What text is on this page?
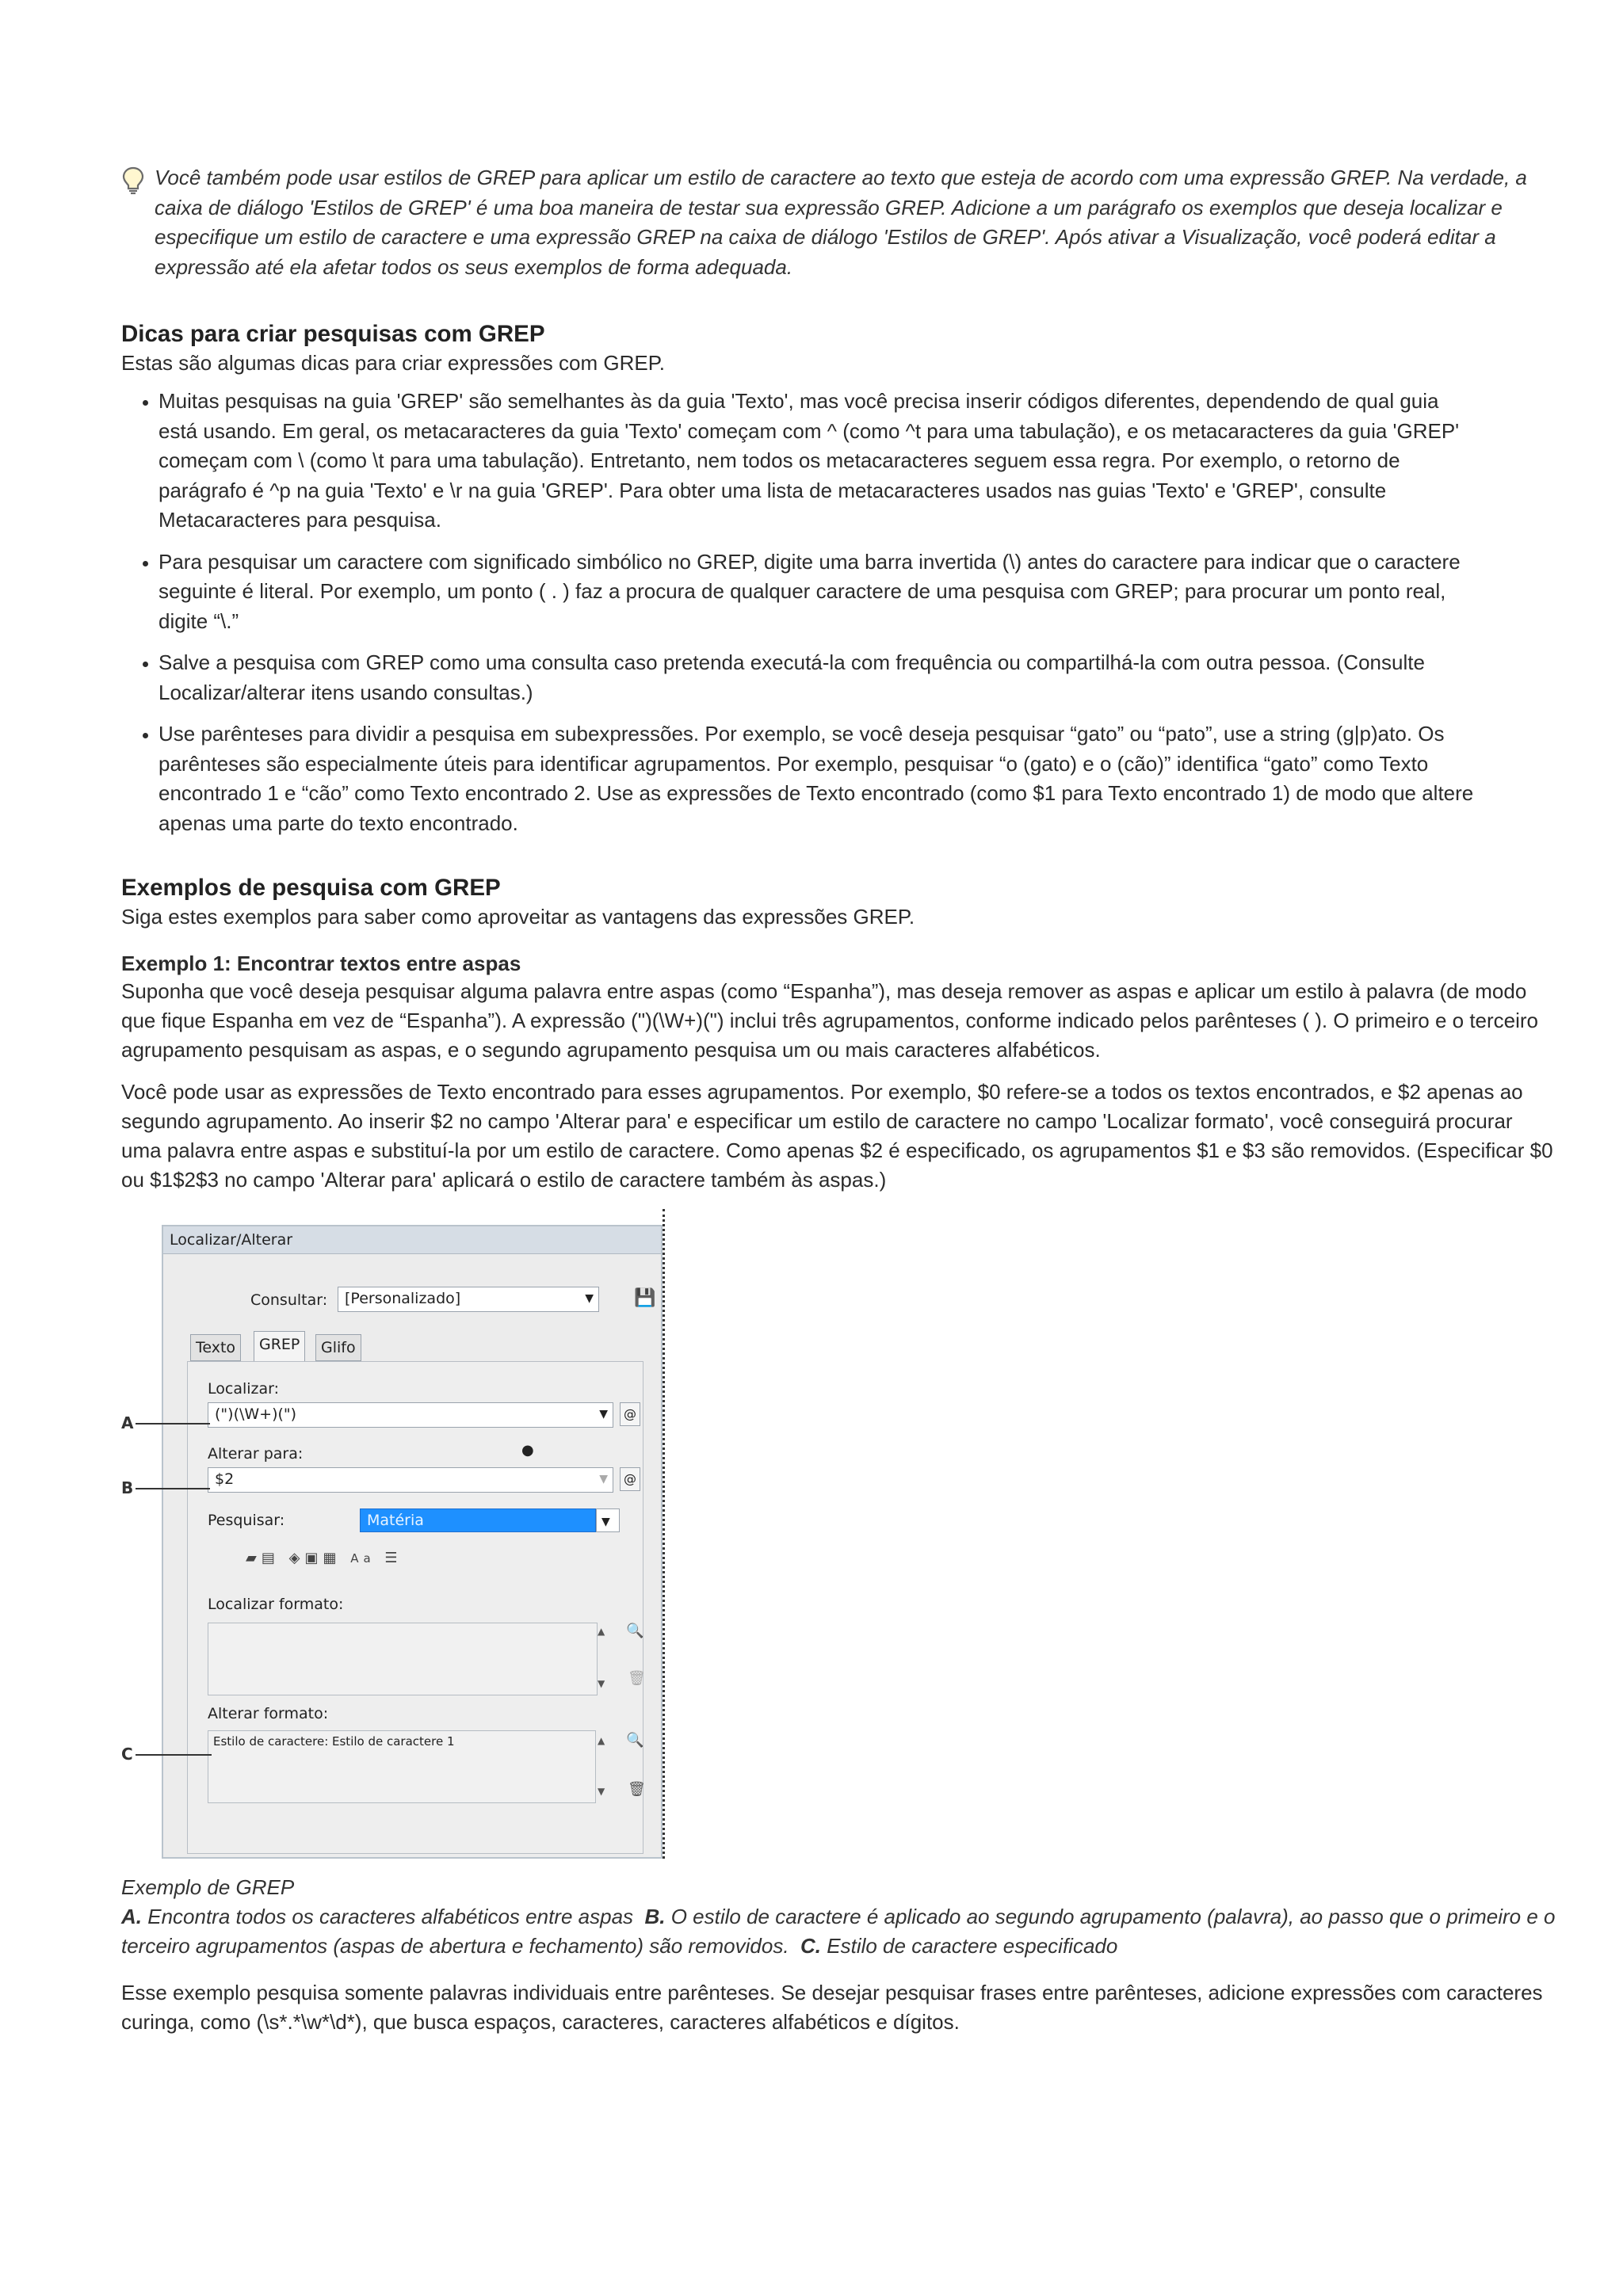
Você também pode usar estilos de GREP para aplicar um estilo de caractere ao texto que esteja de acordo com uma expressão GREP. Na verdade, a caixa de diálogo 'Estilos de GREP' é uma boa maneira de testar sua expressão GREP. Adicione a um parágrafo os exemplos que deseja localizar e especifique um estilo de caractere e uma expressão GREP na caixa de diálogo 'Estilos de GREP'. Após ativar a Visualização, você poderá editar a expressão até ela afetar todos os seus exemplos de forma adequada.

Dicas para criar pesquisas com GREP

Estas são algumas dicas para criar expressões com GREP.

• Muitas pesquisas na guia 'GREP' são semelhantes às da guia 'Texto', mas você precisa inserir códigos diferentes, dependendo de qual guia está usando. Em geral, os metacaracteres da guia 'Texto' começam com ^ (como ^t para uma tabulação), e os metacaracteres da guia 'GREP' começam com \ (como \t para uma tabulação). Entretanto, nem todos os metacaracteres seguem essa regra. Por exemplo, o retorno de parágrafo é ^p na guia 'Texto' e \r na guia 'GREP'. Para obter uma lista de metacaracteres usados nas guias 'Texto' e 'GREP', consulte Metacaracteres para pesquisa.
• Para pesquisar um caractere com significado simbólico no GREP, digite uma barra invertida (\) antes do caractere para indicar que o caractere seguinte é literal. Por exemplo, um ponto ( . ) faz a procura de qualquer caractere de uma pesquisa com GREP; para procurar um ponto real, digite “\.”
• Salve a pesquisa com GREP como uma consulta caso pretenda executá-la com frequência ou compartilhá-la com outra pessoa. (Consulte Localizar/alterar itens usando consultas.)
• Use parênteses para dividir a pesquisa em subexpressões. Por exemplo, se você deseja pesquisar “gato” ou “pato”, use a string (g|p)ato. Os parênteses são especialmente úteis para identificar agrupamentos. Por exemplo, pesquisar “o (gato) e o (cão)” identifica “gato” como Texto encontrado 1 e “cão” como Texto encontrado 2. Use as expressões de Texto encontrado (como $1 para Texto encontrado 1) de modo que altere apenas uma parte do texto encontrado.
Exemplos de pesquisa com GREP

Siga estes exemplos para saber como aproveitar as vantagens das expressões GREP.

Exemplo 1: Encontrar textos entre aspas

Suponha que você deseja pesquisar alguma palavra entre aspas (como “Espanha”), mas deseja remover as aspas e aplicar um estilo à palavra (de modo que fique Espanha em vez de “Espanha”). A expressão (")(\W+)(") inclui três agrupamentos, conforme indicado pelos parênteses ( ). O primeiro e o terceiro agrupamento pesquisam as aspas, e o segundo agrupamento pesquisa um ou mais caracteres alfabéticos.

Você pode usar as expressões de Texto encontrado para esses agrupamentos. Por exemplo, $0 refere-se a todos os textos encontrados, e $2 apenas ao segundo agrupamento. Ao inserir $2 no campo 'Alterar para' e especificar um estilo de caractere no campo 'Localizar formato', você conseguirá procurar uma palavra entre aspas e substituí-la por um estilo de caractere. Como apenas $2 é especificado, os agrupamentos $1 e $3 são removidos. (Especificar $0 ou $1$2$3 no campo 'Alterar para' aplicará o estilo de caractere também às aspas.)

Localizar/Alterar
Consultar:	[Personalizado]	▼ 💾
Texto	GREP	Glifo
Localizar:
(")(\W+)(")	▼	@
Alterar para:	●
$2	▼	@
Pesquisar:	Matéria	▼
▰▤ ◈▣▦ Aa ☰
Localizar formato:
▲
▼
🔍
🗑
Alterar formato:
Estilo de caractere: Estilo de caractere 1	▲
▼
🔍
🗑
A
B
C

Exemplo de GREP

A. Encontra todos os caracteres alfabéticos entre aspas B. O estilo de caractere é aplicado ao segundo agrupamento (palavra), ao passo que o primeiro e o terceiro agrupamentos (aspas de abertura e fechamento) são removidos. C. Estilo de caractere especificado

Esse exemplo pesquisa somente palavras individuais entre parênteses. Se desejar pesquisar frases entre parênteses, adicione expressões com caracteres curinga, como (\s*.*\w*\d*), que busca espaços, caracteres, caracteres alfabéticos e dígitos.
